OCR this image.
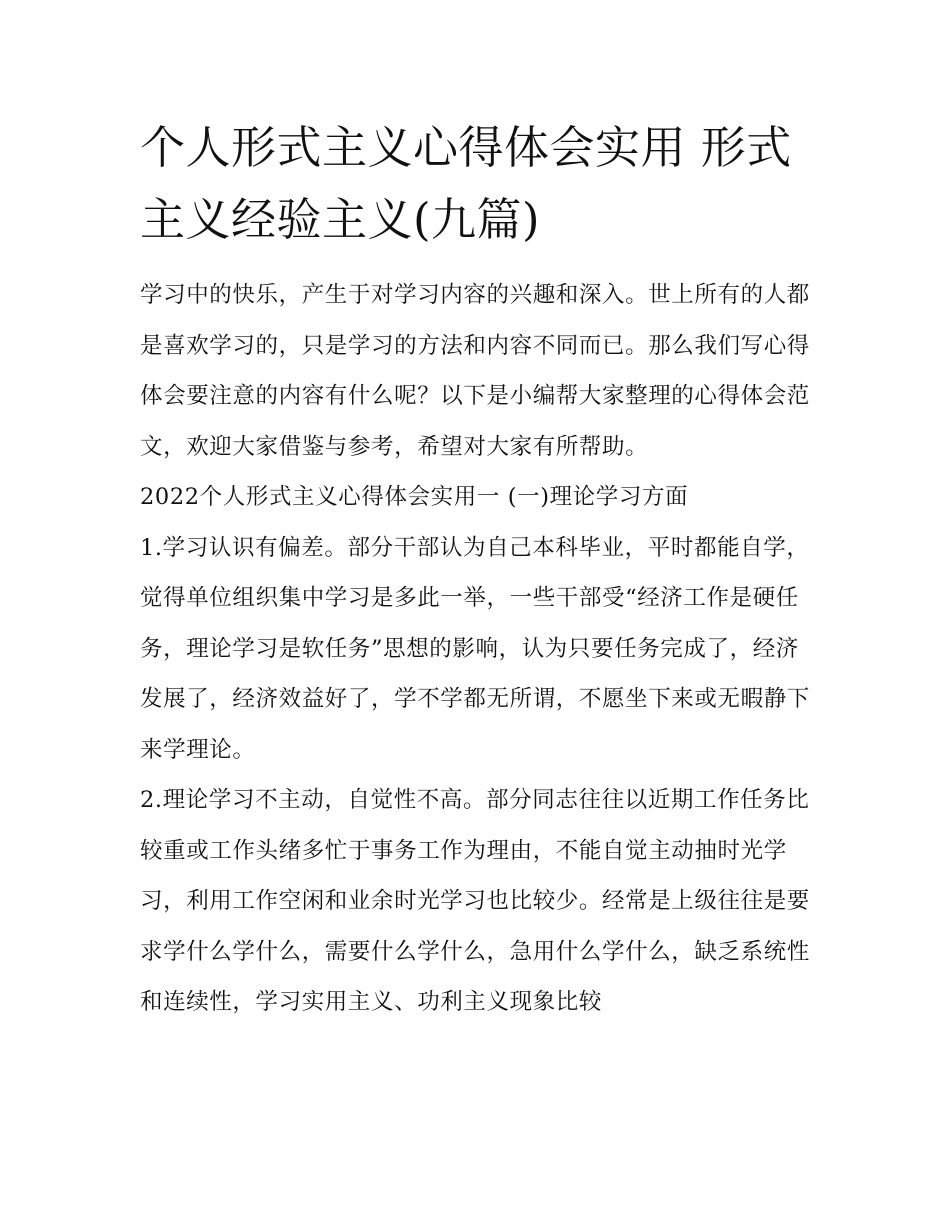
个人形式主义心得体会实用 形式主义经验主义(九篇)

学习中的快乐，产生于对学习内容的兴趣和深入。世上所有的人都是喜欢学习的，只是学习的方法和内容不同而已。那么我们写心得体会要注意的内容有什么呢？以下是小编帮大家整理的心得体会范文，欢迎大家借鉴与参考，希望对大家有所帮助。

2022个人形式主义心得体会实用一 (一)理论学习方面

1.学习认识有偏差。部分干部认为自己本科毕业，平时都能自学，觉得单位组织集中学习是多此一举，一些干部受“经济工作是硬任务，理论学习是软任务”思想的影响，认为只要任务完成了，经济发展了，经济效益好了，学不学都无所谓，不愿坐下来或无暇静下来学理论。

2.理论学习不主动，自觉性不高。部分同志往往以近期工作任务比较重或工作头绪多忙于事务工作为理由，不能自觉主动抽时光学习，利用工作空闲和业余时光学习也比较少。经常是上级往往是要求学什么学什么，需要什么学什么，急用什么学什么，缺乏系统性和连续性，学习实用主义、功利主义现象比较
